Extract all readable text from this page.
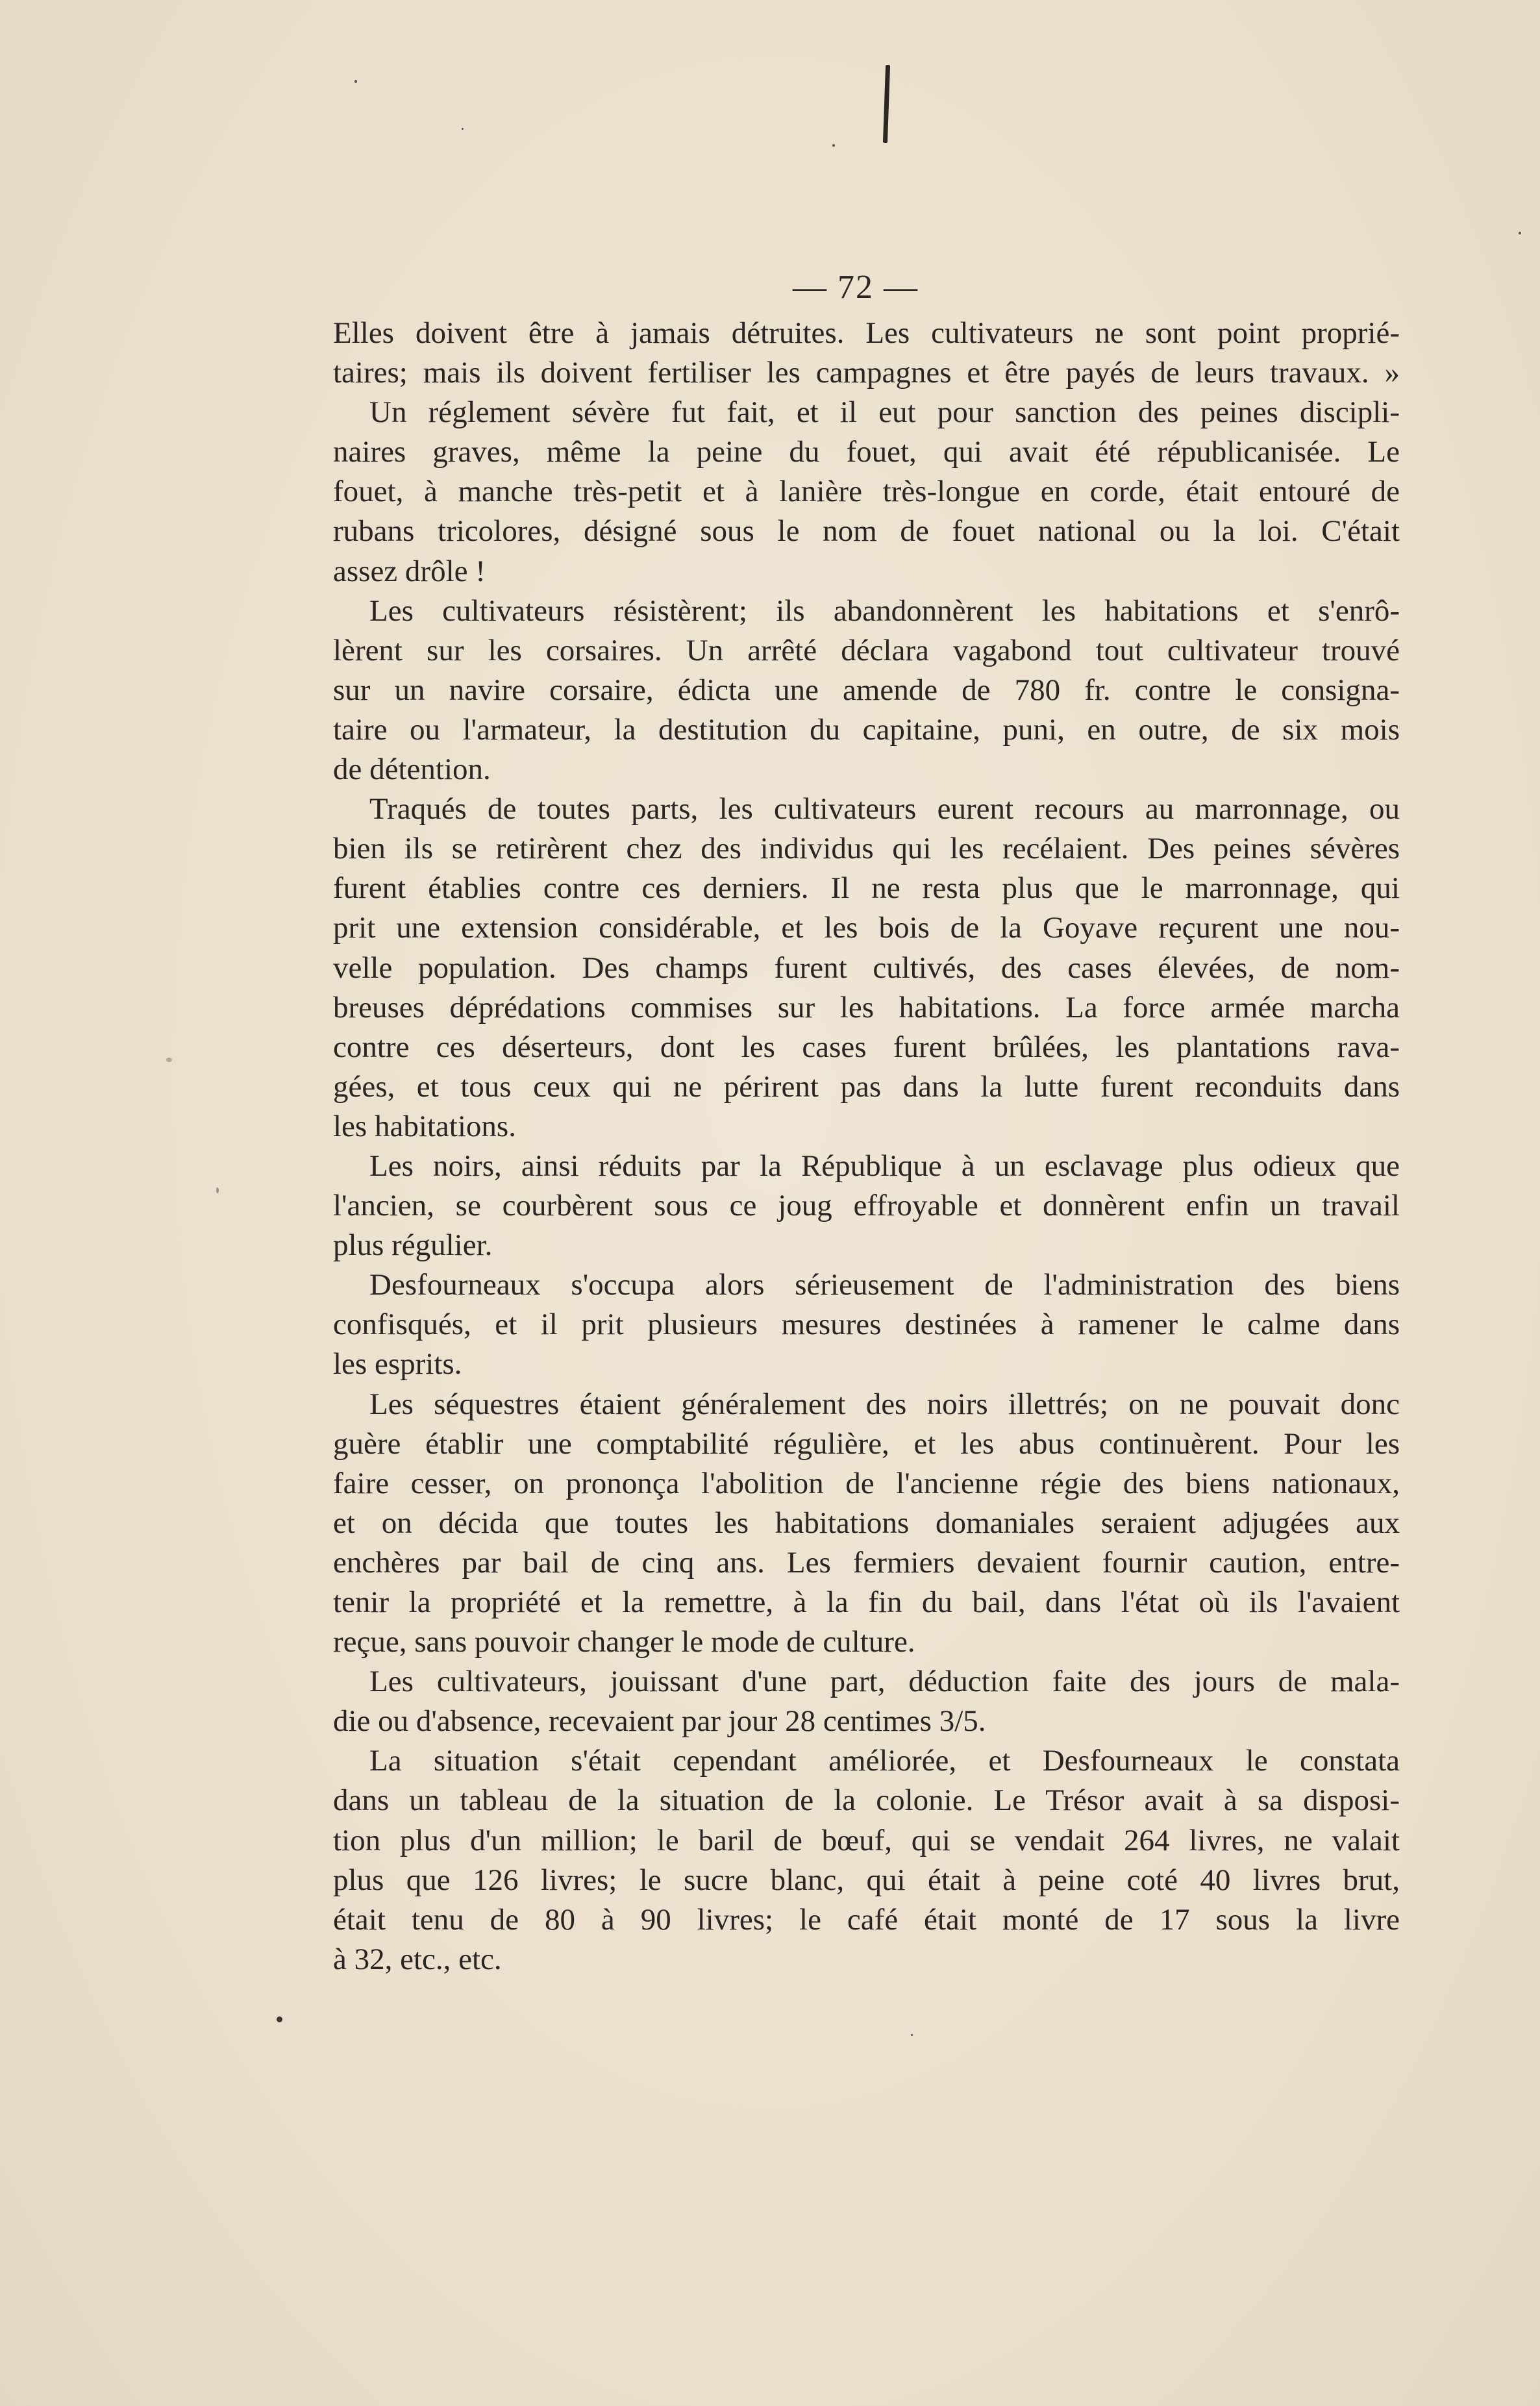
— 72 —
Elles doivent être à jamais détruites. Les cultivateurs ne sont point proprié-
taires; mais ils doivent fertiliser les campagnes et être payés de leurs travaux. »
Un réglement sévère fut fait, et il eut pour sanction des peines discipli-
naires graves, même la peine du fouet, qui avait été républicanisée. Le
fouet, à manche très-petit et à lanière très-longue en corde, était entouré de
rubans tricolores, désigné sous le nom de fouet national ou la loi. C'était
assez drôle !
Les cultivateurs résistèrent; ils abandonnèrent les habitations et s'enrô-
lèrent sur les corsaires. Un arrêté déclara vagabond tout cultivateur trouvé
sur un navire corsaire, édicta une amende de 780 fr. contre le consigna-
taire ou l'armateur, la destitution du capitaine, puni, en outre, de six mois
de détention.
Traqués de toutes parts, les cultivateurs eurent recours au marronnage, ou
bien ils se retirèrent chez des individus qui les recélaient. Des peines sévères
furent établies contre ces derniers. Il ne resta plus que le marronnage, qui
prit une extension considérable, et les bois de la Goyave reçurent une nou-
velle population. Des champs furent cultivés, des cases élevées, de nom-
breuses déprédations commises sur les habitations. La force armée marcha
contre ces déserteurs, dont les cases furent brûlées, les plantations rava-
gées, et tous ceux qui ne périrent pas dans la lutte furent reconduits dans
les habitations.
Les noirs, ainsi réduits par la République à un esclavage plus odieux que
l'ancien, se courbèrent sous ce joug effroyable et donnèrent enfin un travail
plus régulier.
Desfourneaux s'occupa alors sérieusement de l'administration des biens
confisqués, et il prit plusieurs mesures destinées à ramener le calme dans
les esprits.
Les séquestres étaient généralement des noirs illettrés; on ne pouvait donc
guère établir une comptabilité régulière, et les abus continuèrent. Pour les
faire cesser, on prononça l'abolition de l'ancienne régie des biens nationaux,
et on décida que toutes les habitations domaniales seraient adjugées aux
enchères par bail de cinq ans. Les fermiers devaient fournir caution, entre-
tenir la propriété et la remettre, à la fin du bail, dans l'état où ils l'avaient
reçue, sans pouvoir changer le mode de culture.
Les cultivateurs, jouissant d'une part, déduction faite des jours de mala-
die ou d'absence, recevaient par jour 28 centimes 3/5.
La situation s'était cependant améliorée, et Desfourneaux le constata
dans un tableau de la situation de la colonie. Le Trésor avait à sa disposi-
tion plus d'un million; le baril de bœuf, qui se vendait 264 livres, ne valait
plus que 126 livres; le sucre blanc, qui était à peine coté 40 livres brut,
était tenu de 80 à 90 livres; le café était monté de 17 sous la livre
à 32, etc., etc.
